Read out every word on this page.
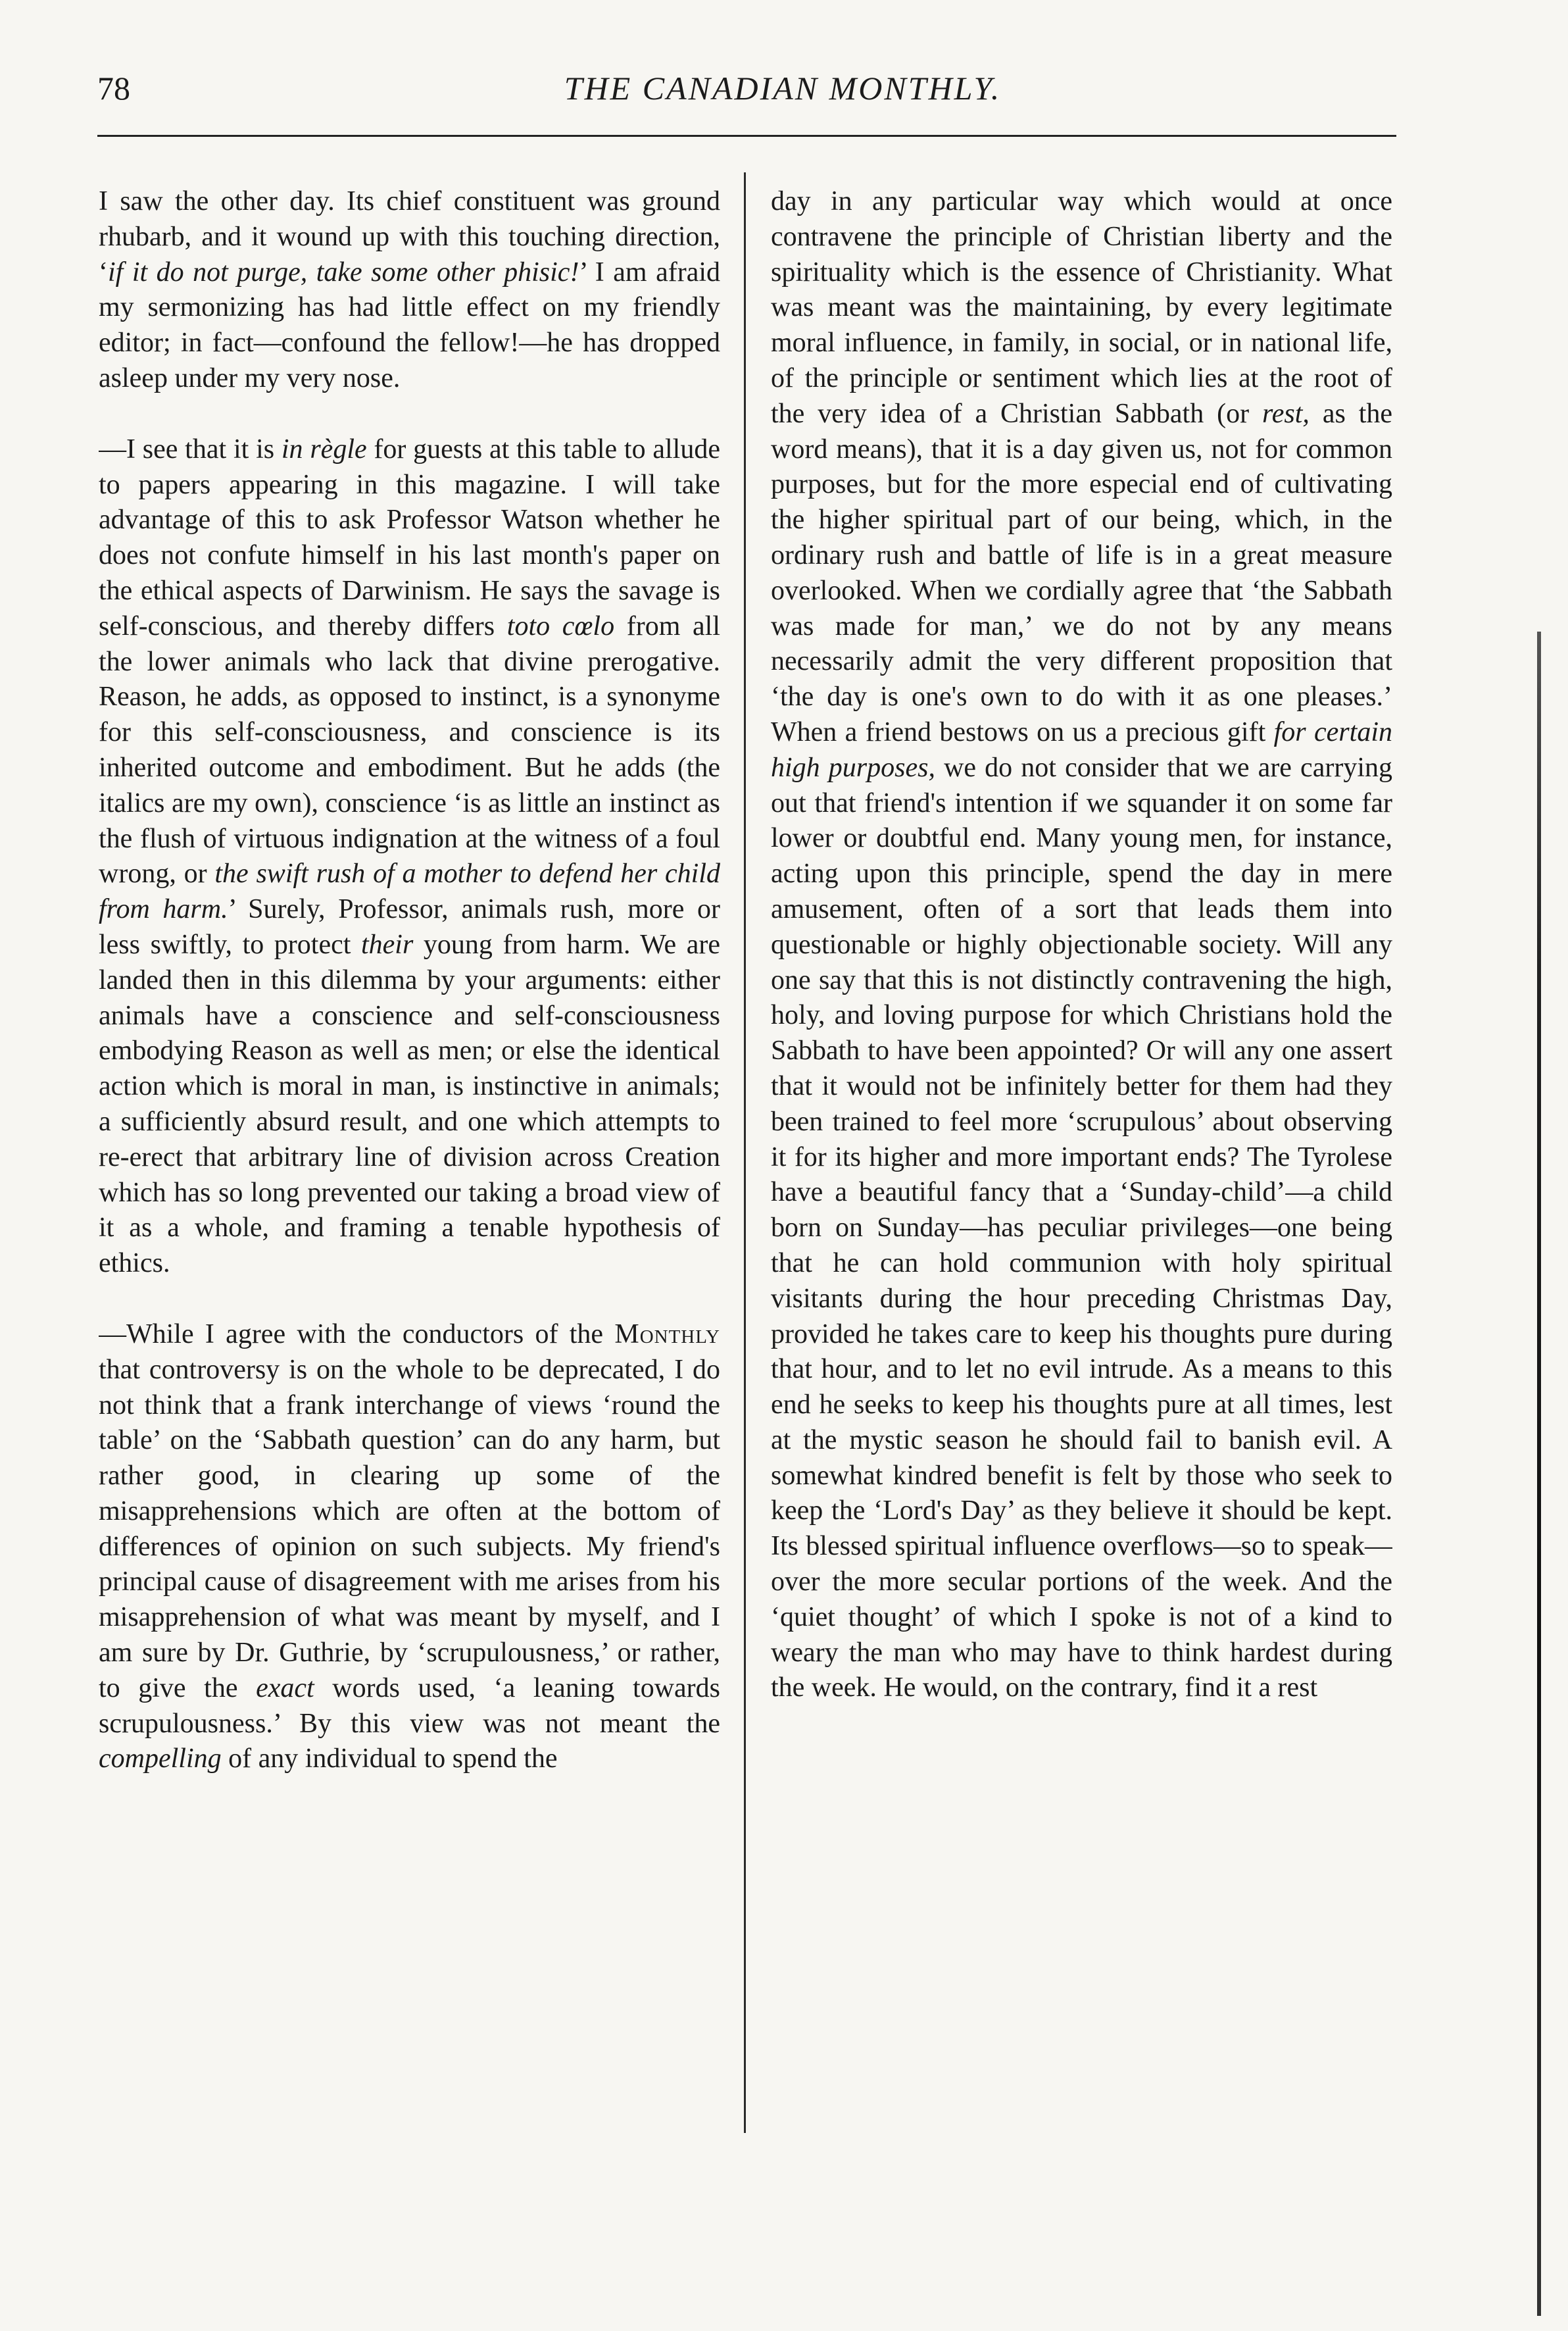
78	THE CANADIAN MONTHLY.

I saw the other day. Its chief constituent was ground rhubarb, and it wound up with this touching direction, ‘if it do not purge, take some other phisic!’ I am afraid my sermonizing has had little effect on my friendly editor; in fact—confound the fellow!—he has dropped asleep under my very nose.

—I see that it is in règle for guests at this table to allude to papers appearing in this magazine. I will take advantage of this to ask Professor Watson whether he does not confute himself in his last month's paper on the ethical aspects of Darwinism. He says the savage is self-conscious, and thereby differs toto cœlo from all the lower animals who lack that divine prerogative. Reason, he adds, as opposed to instinct, is a synonyme for this self-consciousness, and conscience is its inherited outcome and embodiment. But he adds (the italics are my own), conscience ‘is as little an instinct as the flush of virtuous indignation at the witness of a foul wrong, or the swift rush of a mother to defend her child from harm.’ Surely, Professor, animals rush, more or less swiftly, to protect their young from harm. We are landed then in this dilemma by your arguments: either animals have a conscience and self-consciousness embodying Reason as well as men; or else the identical action which is moral in man, is instinctive in animals; a sufficiently absurd result, and one which attempts to re-erect that arbitrary line of division across Creation which has so long prevented our taking a broad view of it as a whole, and framing a tenable hypothesis of ethics.

—While I agree with the conductors of the Monthly that controversy is on the whole to be deprecated, I do not think that a frank interchange of views ‘round the table’ on the ‘Sabbath question’ can do any harm, but rather good, in clearing up some of the misapprehensions which are often at the bottom of differences of opinion on such subjects. My friend's principal cause of disagreement with me arises from his misapprehension of what was meant by myself, and I am sure by Dr. Guthrie, by ‘scrupulousness,’ or rather, to give the exact words used, ‘a leaning towards scrupulousness.’ By this view was not meant the compelling of any individual to spend the

day in any particular way which would at once contravene the principle of Christian liberty and the spirituality which is the essence of Christianity. What was meant was the maintaining, by every legitimate moral influence, in family, in social, or in national life, of the principle or sentiment which lies at the root of the very idea of a Christian Sabbath (or rest, as the word means), that it is a day given us, not for common purposes, but for the more especial end of cultivating the higher spiritual part of our being, which, in the ordinary rush and battle of life is in a great measure overlooked. When we cordially agree that ‘the Sabbath was made for man,’ we do not by any means necessarily admit the very different proposition that ‘the day is one's own to do with it as one pleases.’ When a friend bestows on us a precious gift for certain high purposes, we do not consider that we are carrying out that friend's intention if we squander it on some far lower or doubtful end. Many young men, for instance, acting upon this principle, spend the day in mere amusement, often of a sort that leads them into questionable or highly objectionable society. Will any one say that this is not distinctly contravening the high, holy, and loving purpose for which Christians hold the Sabbath to have been appointed? Or will any one assert that it would not be infinitely better for them had they been trained to feel more ‘scrupulous’ about observing it for its higher and more important ends? The Tyrolese have a beautiful fancy that a ‘Sunday-child’—a child born on Sunday—has peculiar privileges—one being that he can hold communion with holy spiritual visitants during the hour preceding Christmas Day, provided he takes care to keep his thoughts pure during that hour, and to let no evil intrude. As a means to this end he seeks to keep his thoughts pure at all times, lest at the mystic season he should fail to banish evil. A somewhat kindred benefit is felt by those who seek to keep the ‘Lord's Day’ as they believe it should be kept. Its blessed spiritual influence overflows—so to speak—over the more secular portions of the week. And the ‘quiet thought’ of which I spoke is not of a kind to weary the man who may have to think hardest during the week. He would, on the contrary, find it a rest
